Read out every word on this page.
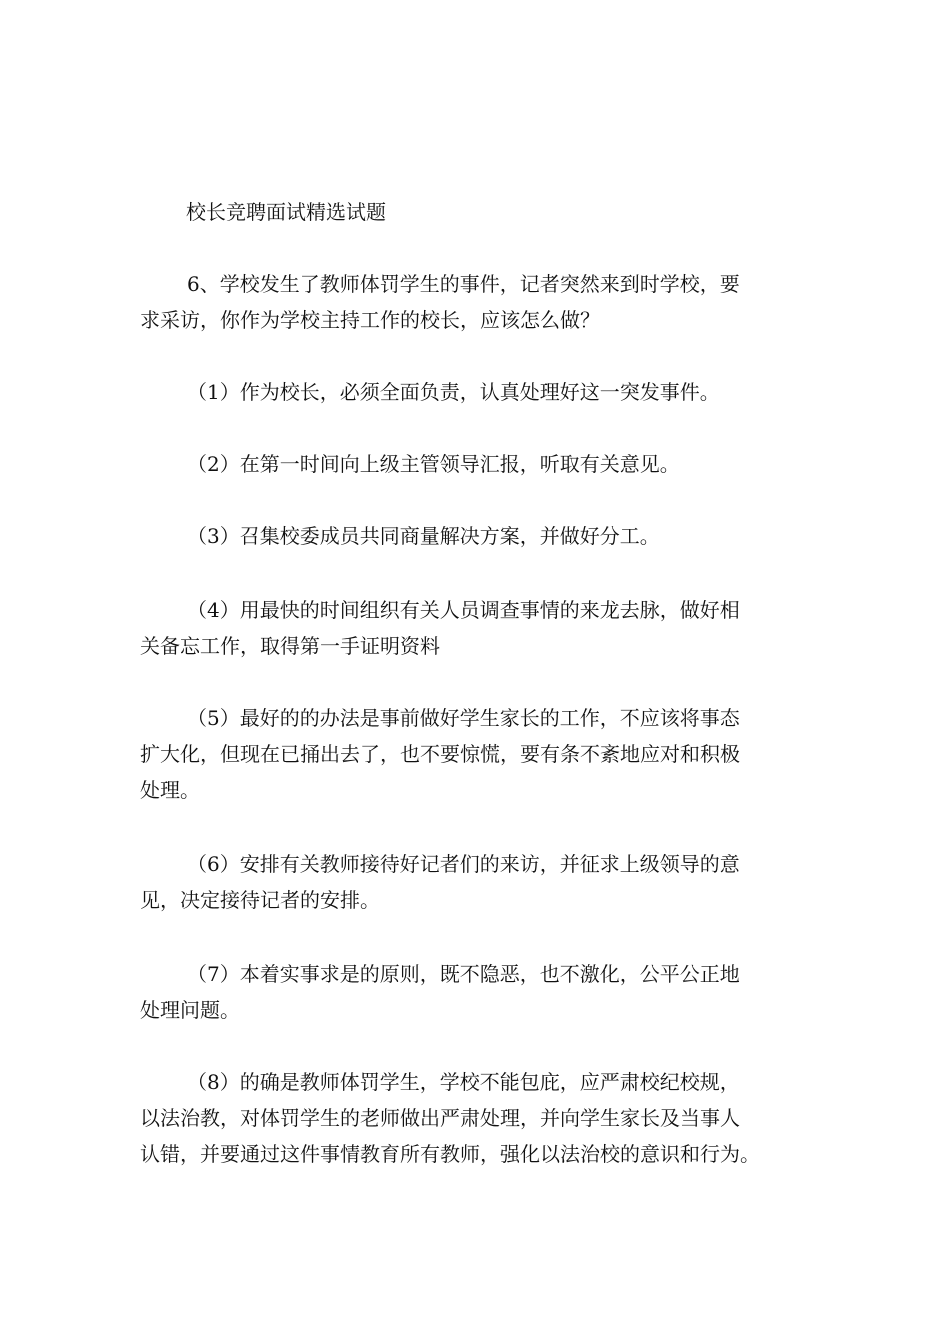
校长竞聘面试精选试题
6、学校发生了教师体罚学生的事件，记者突然来到时学校，要
求采访，你作为学校主持工作的校长，应该怎么做？
（1）作为校长，必须全面负责，认真处理好这一突发事件。
（2）在第一时间向上级主管领导汇报，听取有关意见。
（3）召集校委成员共同商量解决方案，并做好分工。
（4）用最快的时间组织有关人员调查事情的来龙去脉，做好相
关备忘工作，取得第一手证明资料
（5）最好的的办法是事前做好学生家长的工作，不应该将事态
扩大化，但现在已捅出去了，也不要惊慌，要有条不紊地应对和积极
处理。
（6）安排有关教师接待好记者们的来访，并征求上级领导的意
见，决定接待记者的安排。
（7）本着实事求是的原则，既不隐恶，也不激化，公平公正地
处理问题。
（8）的确是教师体罚学生，学校不能包庇，应严肃校纪校规，
以法治教，对体罚学生的老师做出严肃处理，并向学生家长及当事人
认错，并要通过这件事情教育所有教师，强化以法治校的意识和行为。
